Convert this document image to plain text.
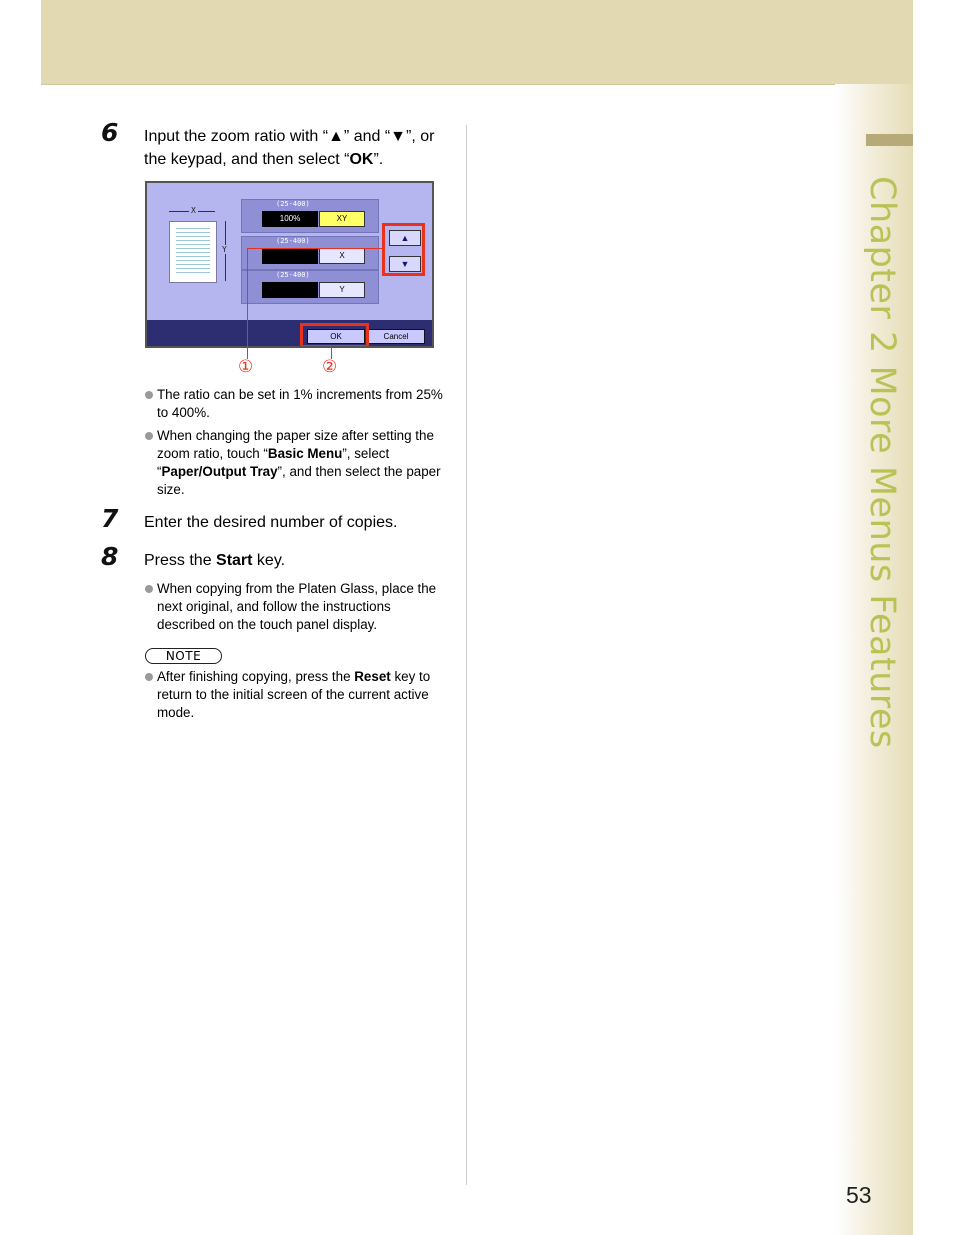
Chapter 2 More Menus Features
6 Input the zoom ratio with “▲” and “▼”, or the keypad, and then select “OK”.
X
Y
(25-400)
100%	XY
(25-400)
X
(25-400)
Y
▲
▼
OK	Cancel
①	②
The ratio can be set in 1% increments from 25% to 400%.
When changing the paper size after setting the zoom ratio, touch “Basic Menu”, select “Paper/Output Tray”, and then select the paper size.
7 Enter the desired number of copies.
8 Press the Start key.
When copying from the Platen Glass, place the next original, and follow the instructions described on the touch panel display.
NOTE
After finishing copying, press the Reset key to return to the initial screen of the current active mode.
53
